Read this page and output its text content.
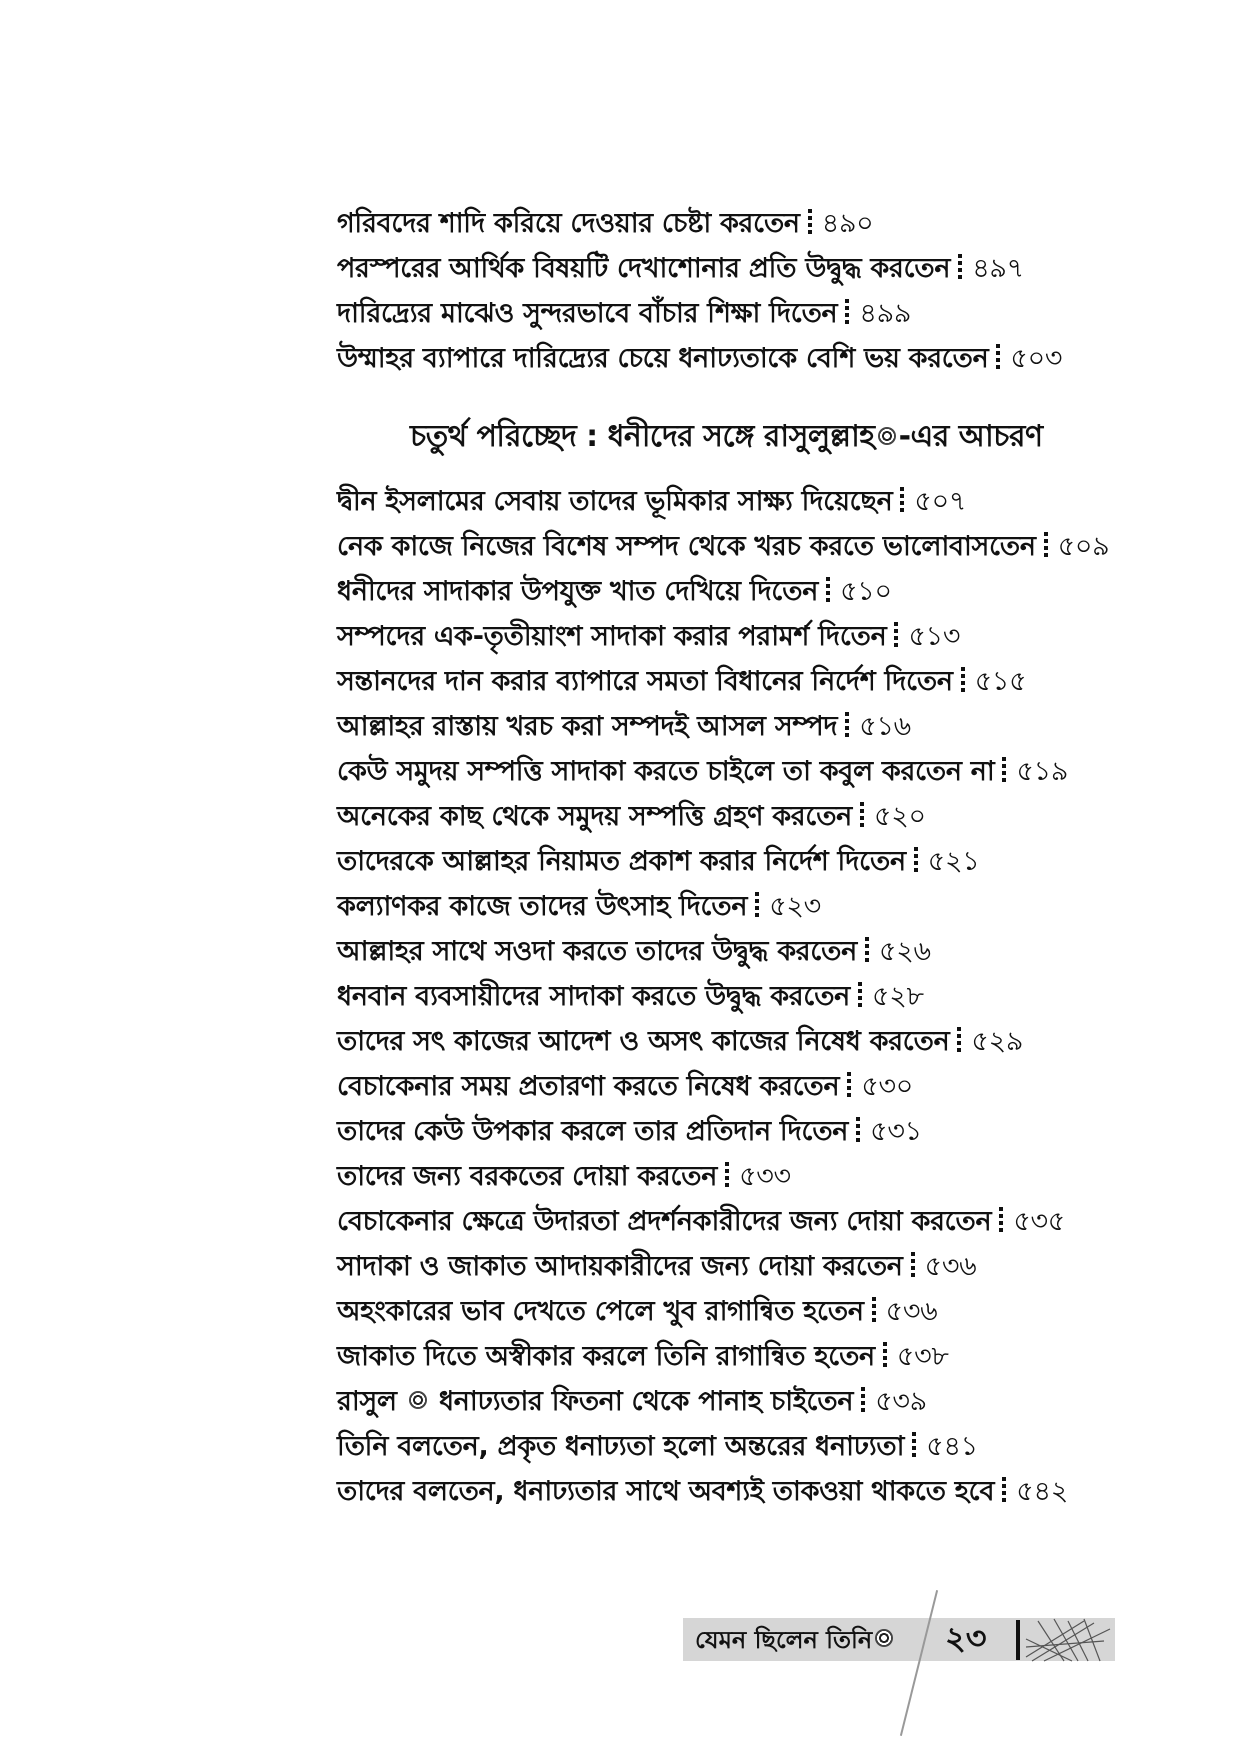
গরিবদের শাদি করিয়ে দেওয়ার চেষ্টা করতেন ৪৯০
পরস্পরের আর্থিক বিষয়টি দেখাশোনার প্রতি উদ্বুদ্ধ করতেন ৪৯৭
দারিদ্র্যের মাঝেও সুন্দরভাবে বাঁচার শিক্ষা দিতেন ৪৯৯
উম্মাহর ব্যাপারে দারিদ্র্যের চেয়ে ধনাঢ্যতাকে বেশি ভয় করতেন ৫০৩
চতুর্থ পরিচ্ছেদ : ধনীদের সঙ্গে রাসুলুল্লাহ -এর আচরণ
দ্বীন ইসলামের সেবায় তাদের ভূমিকার সাক্ষ্য দিয়েছেন ৫০৭
নেক কাজে নিজের বিশেষ সম্পদ থেকে খরচ করতে ভালোবাসতেন ৫০৯
ধনীদের সাদাকার উপযুক্ত খাত দেখিয়ে দিতেন ৫১০
সম্পদের এক-তৃতীয়াংশ সাদাকা করার পরামর্শ দিতেন ৫১৩
সন্তানদের দান করার ব্যাপারে সমতা বিধানের নির্দেশ দিতেন ৫১৫
আল্লাহর রাস্তায় খরচ করা সম্পদই আসল সম্পদ ৫১৬
কেউ সমুদয় সম্পত্তি সাদাকা করতে চাইলে তা কবুল করতেন না ৫১৯
অনেকের কাছ থেকে সমুদয় সম্পত্তি গ্রহণ করতেন ৫২০
তাদেরকে আল্লাহর নিয়ামত প্রকাশ করার নির্দেশ দিতেন ৫২১
কল্যাণকর কাজে তাদের উৎসাহ দিতেন ৫২৩
আল্লাহর সাথে সওদা করতে তাদের উদ্বুদ্ধ করতেন ৫২৬
ধনবান ব্যবসায়ীদের সাদাকা করতে উদ্বুদ্ধ করতেন ৫২৮
তাদের সৎ কাজের আদেশ ও অসৎ কাজের নিষেধ করতেন ৫২৯
বেচাকেনার সময় প্রতারণা করতে নিষেধ করতেন ৫৩০
তাদের কেউ উপকার করলে তার প্রতিদান দিতেন ৫৩১
তাদের জন্য বরকতের দোয়া করতেন ৫৩৩
বেচাকেনার ক্ষেত্রে উদারতা প্রদর্শনকারীদের জন্য দোয়া করতেন ৫৩৫
সাদাকা ও জাকাত আদায়কারীদের জন্য দোয়া করতেন ৫৩৬
অহংকারের ভাব দেখতে পেলে খুব রাগান্বিত হতেন ৫৩৬
জাকাত দিতে অস্বীকার করলে তিনি রাগান্বিত হতেন ৫৩৮
রাসুল ধনাঢ্যতার ফিতনা থেকে পানাহ চাইতেন ৫৩৯
তিনি বলতেন, প্রকৃত ধনাঢ্যতা হলো অন্তরের ধনাঢ্যতা ৫৪১
তাদের বলতেন, ধনাঢ্যতার সাথে অবশ্যই তাকওয়া থাকতে হবে ৫৪২
যেমন ছিলেন তিনি	২৩
